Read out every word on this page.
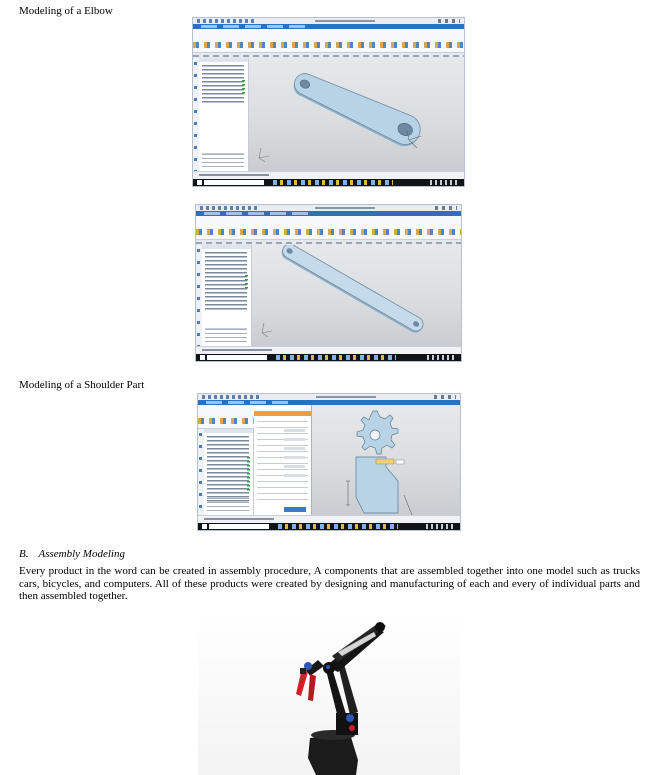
Modeling of a Elbow
Modeling of a Shoulder Part
B. Assembly Modeling

Every product in the word can be created in assembly procedure, A components that are assembled together into one model such as trucks cars, bicycles, and computers. All of these products were created by designing and manufacturing of each and every of individual parts and then assembled together.
